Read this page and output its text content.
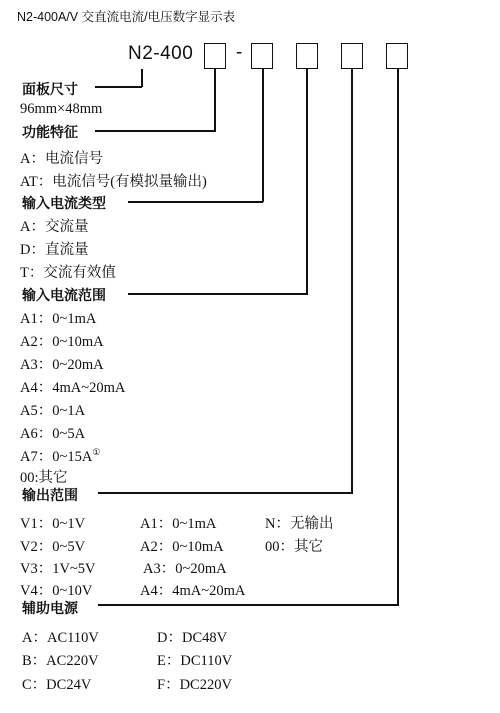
N2-400A/V 交直流电流/电压数字显示表
N2-400 -
面板尺寸
96mm×48mm
功能特征
A：电流信号
AT：电流信号(有模拟量输出)
输入电流类型
A：交流量
D：直流量
T：交流有效值
输入电流范围
A1：0~1mA
A2：0~10mA
A3：0~20mA
A4：4mA~20mA
A5：0~1A
A6：0~5A
A7：0~15A①
00:其它
输出范围
V1：0~1V
V2：0~5V
V3：1V~5V
V4：0~10V
A1：0~1mA
A2：0~10mA
A3：0~20mA
A4：4mA~20mA
N：无输出
00：其它
辅助电源
A：AC110V
B：AC220V
C：DC24V
D：DC48V
E：DC110V
F：DC220V
